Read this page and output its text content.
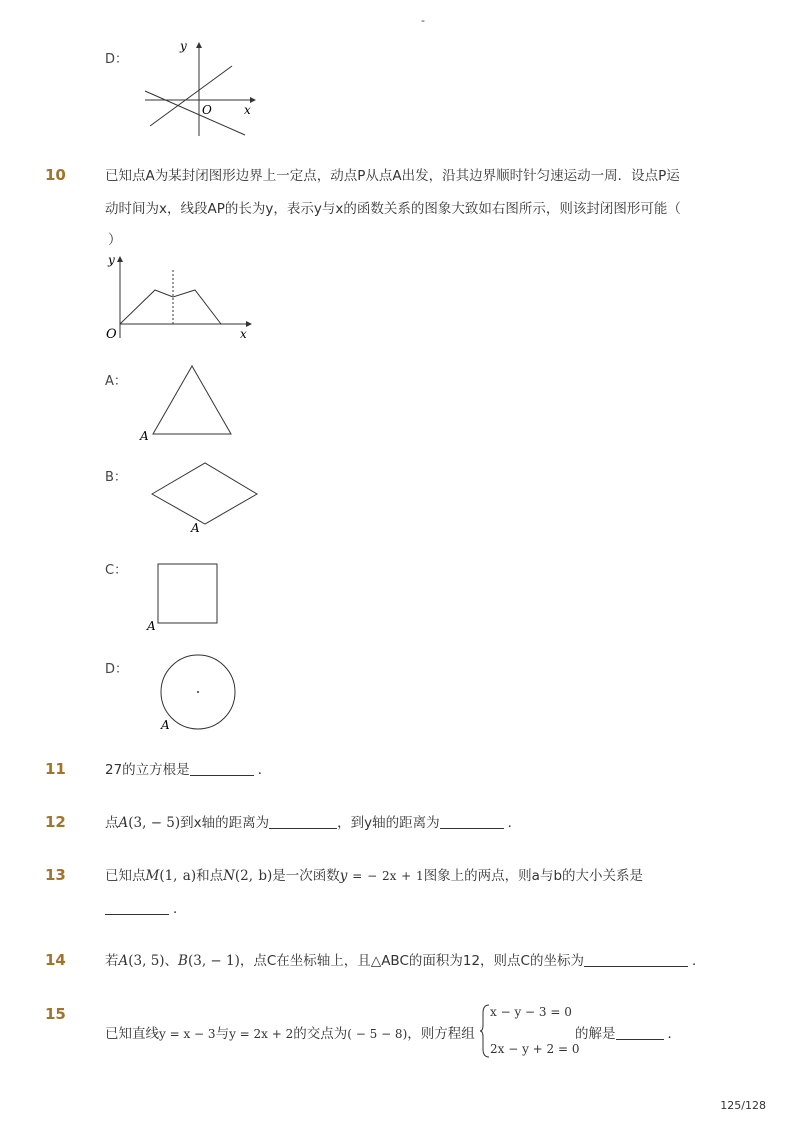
-
D：
y
x
O
10	已知点A为某封闭图形边界上一定点，动点P从点A出发，沿其边界顺时针匀速运动一周．设点P运
动时间为x，线段AP的长为y，表示y与x的函数关系的图象大致如右图所示，则该封闭图形可能（
）
y
x
O
A：
A
B：
A
C：
A
D：
A
11	27的立方根是	．
12	点A(3, − 5)到x轴的距离为	，到y轴的距离为	．
13	已知点M(1, a)和点N(2, b)是一次函数y = − 2x + 1图象上的两点，则a与b的大小关系是
．
14	若A(3, 5)、B(3, − 1)，点C在坐标轴上，且△ABC的面积为12，则点C的坐标为	．
15
已知直线y = x − 3与y = 2x + 2的交点为( − 5 − 8)，则方程组
x − y − 3 = 0
2x − y + 2 = 0
的解是	．
125/128
